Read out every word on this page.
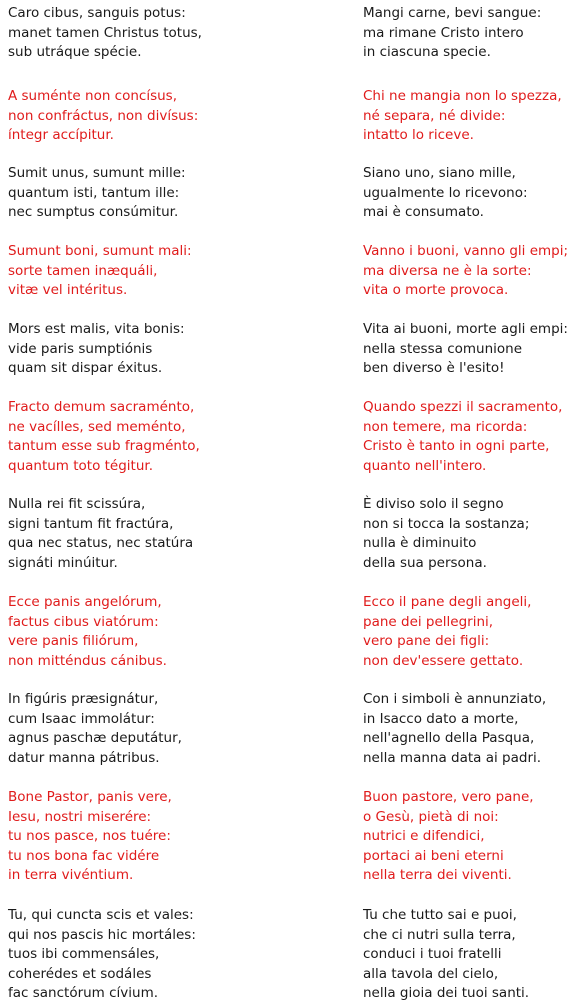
Caro cibus, sanguis potus:
manet tamen Christus totus,
sub utráque spécie.

A suménte non concísus,
non confráctus, non divísus:
íntegr accípitur.

Sumit unus, sumunt mille:
quantum isti, tantum ille:
nec sumptus consúmitur.

Sumunt boni, sumunt mali:
sorte tamen inæquáli,
vitæ vel intéritus.

Mors est malis, vita bonis:
vide paris sumptiónis
quam sit dispar éxitus.

Fracto demum sacraménto,
ne vacílles, sed meménto,
tantum esse sub fragménto,
quantum toto tégitur.

Nulla rei fit scissúra,
signi tantum fit fractúra,
qua nec status, nec statúra
signáti minúitur.

Ecce panis angelórum,
factus cibus viatórum:
vere panis filiórum,
non mitténdus cánibus.

In figúris præsignátur,
cum Isaac immolátur:
agnus paschæ deputátur,
datur manna pátribus.

Bone Pastor, panis vere,
Iesu, nostri miserére:
tu nos pasce, nos tuére:
tu nos bona fac vidére
in terra vivéntium.

Tu, qui cuncta scis et vales:
qui nos pascis hic mortáles:
tuos ibi commensáles,
coherédes et sodáles
fac sanctórum cívium.

Mangi carne, bevi sangue:
ma rimane Cristo intero
in ciascuna specie.

Chi ne mangia non lo spezza,
né separa, né divide:
intatto lo riceve.

Siano uno, siano mille,
ugualmente lo ricevono:
mai è consumato.

Vanno i buoni, vanno gli empi;
ma diversa ne è la sorte:
vita o morte provoca.

Vita ai buoni, morte agli empi:
nella stessa comunione
ben diverso è l'esito!

Quando spezzi il sacramento,
non temere, ma ricorda:
Cristo è tanto in ogni parte,
quanto nell'intero.

È diviso solo il segno
non si tocca la sostanza;
nulla è diminuito
della sua persona.

Ecco il pane degli angeli,
pane dei pellegrini,
vero pane dei figli:
non dev'essere gettato.

Con i simboli è annunziato,
in Isacco dato a morte,
nell'agnello della Pasqua,
nella manna data ai padri.

Buon pastore, vero pane,
o Gesù, pietà di noi:
nutrici e difendici,
portaci ai beni eterni
nella terra dei viventi.

Tu che tutto sai e puoi,
che ci nutri sulla terra,
conduci i tuoi fratelli
alla tavola del cielo,
nella gioia dei tuoi santi.
